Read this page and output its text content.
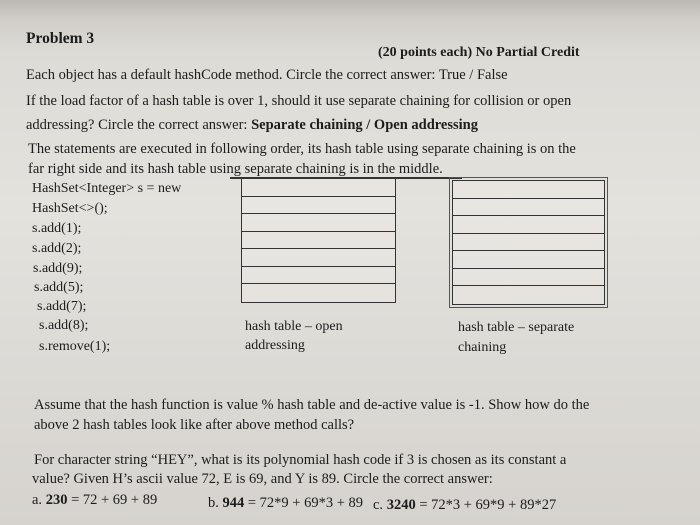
Problem 3
(20 points each) No Partial Credit
Each object has a default hashCode method. Circle the correct answer: True / False
If the load factor of a hash table is over 1, should it use separate chaining for collision or open
addressing? Circle the correct answer: Separate chaining / Open addressing
The statements are executed in following order, its hash table using separate chaining is on the
far right side and its hash table using separate chaining is in the middle.
HashSet<Integer> s = new
HashSet<>();
s.add(1);
s.add(2);
s.add(9);
s.add(5);
s.add(7);
s.add(8);
s.remove(1);
hash table – open
addressing
hash table – separate
chaining
Assume that the hash function is value % hash table and de-active value is -1. Show how do the
above 2 hash tables look like after above method calls?
For character string “HEY”, what is its polynomial hash code if 3 is chosen as its constant a
value? Given H’s ascii value 72, E is 69, and Y is 89. Circle the correct answer:
a. 230 = 72 + 69 + 89	b. 944 = 72*9 + 69*3 + 89 c. 3240 = 72*3 + 69*9 + 89*27
